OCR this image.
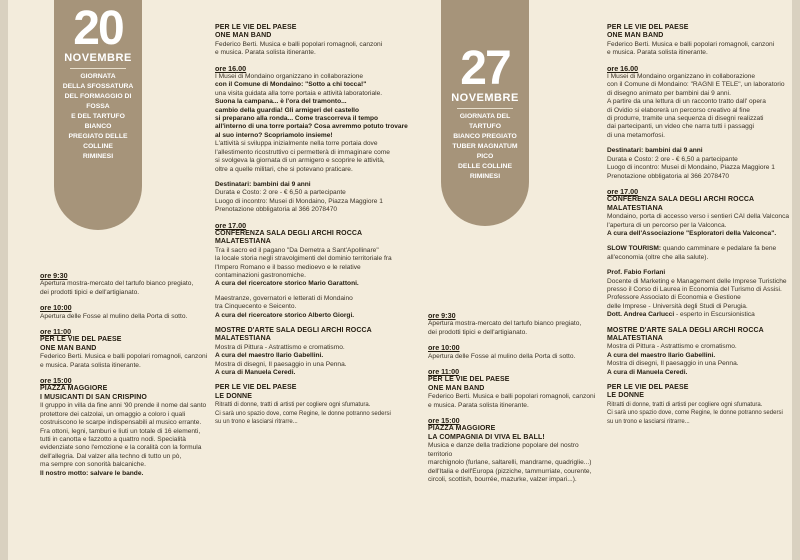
20
NOVEMBRE
GIORNATA
DELLA SFOSSATURA
DEL FORMAGGIO DI FOSSA
E DEL TARTUFO BIANCO
PREGIATO DELLE COLLINE
RIMINESI
27
NOVEMBRE
GIORNATA DEL TARTUFO
BIANCO PREGIATO
TUBER MAGNATUM PICO
DELLE COLLINE RIMINESI

ore 9:30

Apertura mostra-mercato del tartufo bianco pregiato,

dei prodotti tipici e dell'artigianato.

ore 10:00

Apertura delle Fosse al mulino della Porta di sotto.

ore 11:00

PER LE VIE DEL PAESE

ONE MAN BAND

Federico Berti. Musica e balli popolari romagnoli, canzoni

e musica. Parata solista itinerante.

ore 15:00

PIAZZA MAGGIORE

I MUSICANTI DI SAN CRISPINO

Il gruppo in villa da fine anni '90 prende il nome dal santo

protettore dei calzolai, un omaggio a coloro i quali

costruiscono le scarpe indispensabili al musico errante.

Fra ottoni, legni, tamburi e liuti un totale di 16 elementi,

tutti in canotta e fazzotto a quattro nodi. Specialità

evidenziate sono l'emozione e la coralità con la formula

dell'allegria. Dal valzer alla techno di tutto un pò,

ma sempre con sonorità balcaniche.

Il nostro motto: salvare le bande.

PER LE VIE DEL PAESE

ONE MAN BAND

Federico Berti. Musica e balli popolari romagnoli, canzoni

e musica. Parata solista itinerante.

ore 16.00

I Musei di Mondaino organizzano in collaborazione

con il Comune di Mondaino: "Sotto a chi tocca!"

una visita guidata alla torre portaia e attività laboratoriale.

Suona la campana... è l'ora del tramonto...

cambio della guardia! Gli armigeri del castello

si preparano alla ronda... Come trascorreva il tempo

all'interno di una torre portaia? Cosa avremmo potuto trovare

al suo interno? Scopriamolo insieme!

L'attività si sviluppa inizialmente nella torre portaia dove

l'allestimento ricostruttivo ci permetterà di immaginare come

si svolgeva la giornata di un armigero e scoprire le attività,

oltre a quelle militari, che si potevano praticare.

Destinatari: bambini dai 9 anni

Durata e Costo: 2 ore - € 6,50 a partecipante

Luogo di incontro: Musei di Mondaino, Piazza Maggiore 1

Prenotazione obbligatoria al 366 2078470

ore 17.00

CONFERENZA SALA DEGLI ARCHI ROCCA MALATESTIANA

Tra il sacro ed il pagano "Da Demetra a Sant'Apollinare"

la locale storia negli stravolgimenti del dominio territoriale fra

l'Impero Romano e il basso medioevo e le relative

contaminazioni gastronomiche.

A cura del ricercatore storico Mario Garattoni.

Maestranze, governatori e letterati di Mondaino

tra Cinquecento e Seicento.

A cura del ricercatore storico Alberto Giorgi.

MOSTRE D'ARTE SALA DEGLI ARCHI ROCCA MALATESTIANA

Mostra di Pittura - Astrattismo e cromatismo.

A cura del maestro Ilario Gabellini.

Mostra di disegni, Il paesaggio in una Penna.

A cura di Manuela Ceredi.

PER LE VIE DEL PAESE

LE DONNE

Ritratti di donne, tratti di artisti per cogliere ogni sfumatura.

Ci sarà uno spazio dove, come Regine, le donne potranno sedersi

su un trono e lasciarsi ritrarre...

ore 9:30

Apertura mostra-mercato del tartufo bianco pregiato,

dei prodotti tipici e dell'artigianato.

ore 10:00

Apertura delle Fosse al mulino della Porta di sotto.

ore 11:00

PER LE VIE DEL PAESE

ONE MAN BAND

Federico Berti. Musica e balli popolari romagnoli, canzoni

e musica. Parata solista itinerante.

ore 15:00

PIAZZA MAGGIORE

LA COMPAGNIA DI VIVA EL BALL!

Musica e danze della tradizione popolare del nostro territorio

marchignolo (furlane, saltarelli, mandrarne, quadriglie...)

dell'Italia e dell'Europa (pizziche, tammurriate, courente,

circoli, scottish, bourrée, mazurke, valzer impari...).

PER LE VIE DEL PAESE

ONE MAN BAND

Federico Berti. Musica e balli popolari romagnoli, canzoni

e musica. Parata solista itinerante.

ore 16.00

I Musei di Mondaino organizzano in collaborazione

con il Comune di Mondaino: "RAGNI E TELE", un laboratorio

di disegno animato per bambini dai 9 anni.

A partire da una lettura di un racconto tratto dall' opera

di Ovidio si elaborerà un percorso creativo al fine

di produrre, tramite una sequenza di disegni realizzati

dai partecipanti, un video che narra tutti i passaggi

di una metamorfosi.

Destinatari: bambini dai 9 anni

Durata e Costo: 2 ore - € 6,50 a partecipante

Luogo di incontro: Musei di Mondaino, Piazza Maggiore 1

Prenotazione obbligatoria al 366 2078470

ore 17.00

CONFERENZA SALA DEGLI ARCHI ROCCA MALATESTIANA

Mondaino, porta di accesso verso i sentieri CAI della Valconca

l'apertura di un percorso per la Valconca.

A cura dell'Associazione "Esploratori della Valconca".

SLOW TOURISM: quando camminare e pedalare fa bene

all'economia (oltre che alla salute).

Prof. Fabio Forlani

Docente di Marketing e Management delle Imprese Turistiche

presso il Corso di Laurea in Economia del Turismo di Assisi.

Professore Associato di Economia e Gestione

delle Imprese - Università degli Studi di Perugia.

Dott. Andrea Carlucci - esperto in Escursionistica

MOSTRE D'ARTE SALA DEGLI ARCHI ROCCA MALATESTIANA

Mostra di Pittura - Astrattismo e cromatismo.

A cura del maestro Ilario Gabellini.

Mostra di disegni, Il paesaggio in una Penna.

A cura di Manuela Ceredi.

PER LE VIE DEL PAESE

LE DONNE

Ritratti di donne, tratti di artisti per cogliere ogni sfumatura.

Ci sarà uno spazio dove, come Regine, le donne potranno sedersi

su un trono e lasciarsi ritrarre...
